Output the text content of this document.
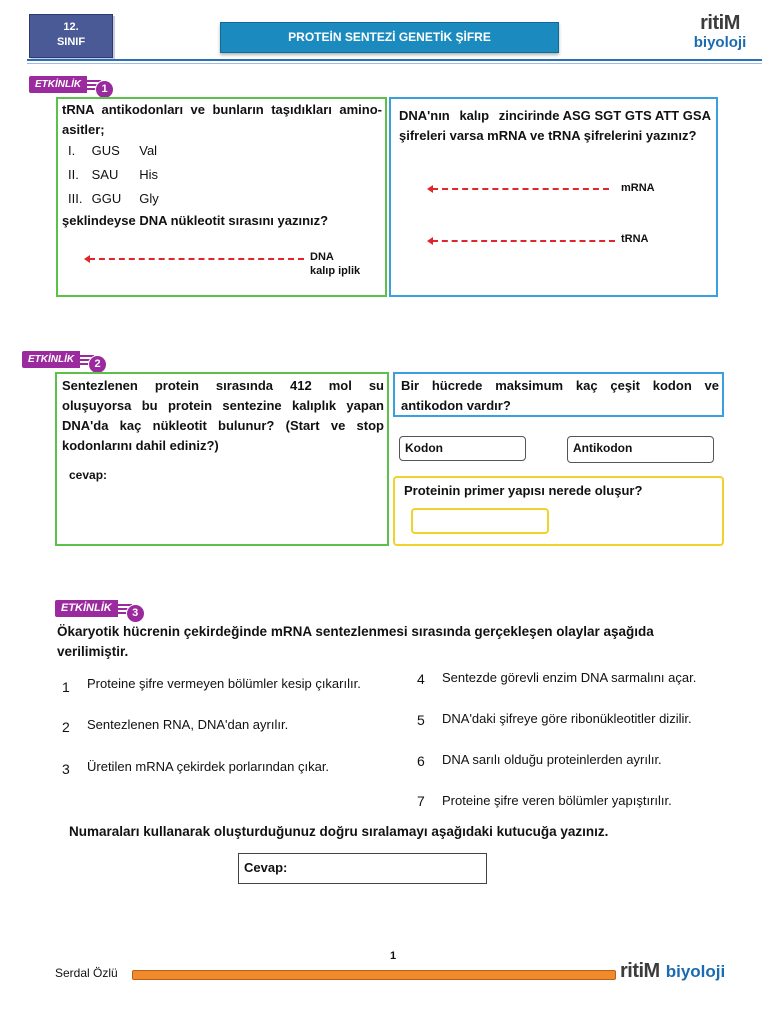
12.
SINIF	PROTEİN SENTEZİ GENETİK ŞİFRE
ritiM
biyoloji
ETKİNLİK	1
tRNA antikodonları ve bunların taşıdıkları aminoasitler;
I. GUS Val
II. SAU His
III. GGU Gly
şeklindeyse DNA nükleotit sırasını yazınız?
DNA
kalıp iplik
DNA'nın kalıp zincirinde ASG SGT GTS ATT GSA şifreleri varsa mRNA ve tRNA şifrelerini yazınız?
mRNA
tRNA
ETKİNLİK	2
Sentezlenen protein sırasında 412 mol su oluşuyorsa bu protein sentezine kalıplık yapan DNA'da kaç nükleotit bulunur? (Start ve stop kodonlarını dahil ediniz?)
cevap:
Bir hücrede maksimum kaç çeşit kodon ve antikodon vardır?
Kodon	Antikodon
Proteinin primer yapısı nerede oluşur?
ETKİNLİK	3
Ökaryotik hücrenin çekirdeğinde mRNA sentezlenmesi sırasında gerçekleşen olaylar aşağıda verilimiştir.
1	Proteine şifre vermeyen bölümler kesip çıkarılır.
2	Sentezlenen RNA, DNA'dan ayrılır.
3	Üretilen mRNA çekirdek porlarından çıkar.
4	Sentezde görevli enzim DNA sarmalını açar.
5	DNA'daki şifreye göre ribonükleotitler dizilir.
6	DNA sarılı olduğu proteinlerden ayrılır.
7	Proteine şifre veren bölümler yapıştırılır.
Numaraları kullanarak oluşturduğunuz doğru sıralamayı aşağıdaki kutucuğa yazınız.
Cevap:
1
Serdal Özlü	ritiM biyoloji
